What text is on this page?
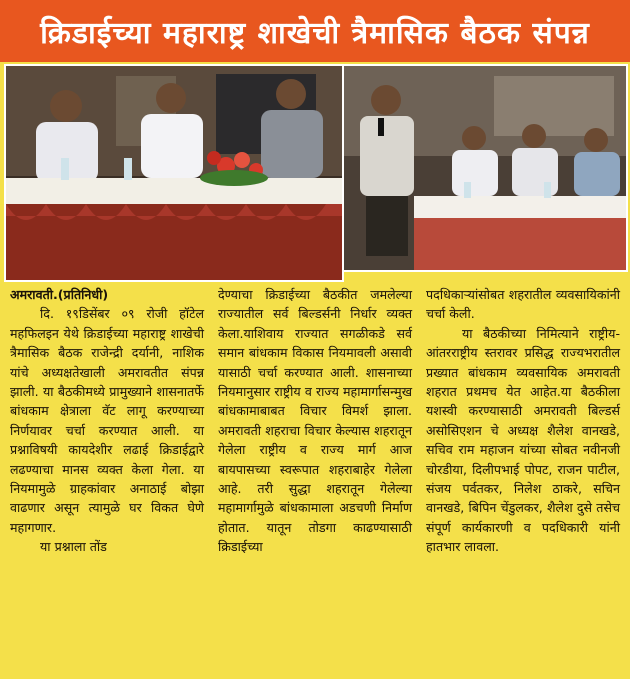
क्रिडाईच्या महाराष्ट्र शाखेची त्रैमासिक बैठक संपन्न

अमरावती.(प्रतिनिधी)

दि. १९डिसेंबर ०९ रोजी हॉटेल महफिलइन येथे क्रिडाईच्या महाराष्ट्र शाखेची त्रैमासिक बैठक राजेन्द्री दर्यानी, नाशिक यांचे अध्यक्षतेखाली अमरावतीत संपन्न झाली. या बैठकीमध्ये प्रामुख्याने शासनातर्फे बांधकाम क्षेत्राला वॅट लागू करण्याच्या निर्णयावर चर्चा करण्यात आली. या प्रश्नाविषयी कायदेशीर लढाई क्रिडाईद्वारे लढण्याचा मानस व्यक्त केला गेला. या नियमामुळे ग्राहकांवार अनाठाई बोझा वाढणार असून त्यामुळे घर विकत घेणे महागणार.

या प्रश्नाला तोंड

देण्याचा क्रिडाईच्या बैठकीत जमलेल्या राज्यातील सर्व बिल्डर्सनी निर्धार व्यक्त केला.याशिवाय राज्यात सगळीकडे सर्व समान बांधकाम विकास नियमावली असावी यासाठी चर्चा करण्यात आली. शासनाच्या नियमानुसार राष्ट्रीय व राज्य महामार्गासन्मुख बांधकामाबाबत विचार विमर्श झाला. अमरावती शहराचा विचार केल्यास शहरातून गेलेला राष्ट्रीय व राज्य मार्ग आज बायपासच्या स्वरूपात शहराबाहेर गेलेला आहे. तरी सुद्धा शहरातून गेलेल्या महामार्गामुळे बांधकामाला अडचणी निर्माण होतात. यातून तोडगा काढण्यासाठी क्रिडाईच्या

पदधिकाऱ्यांसोबत शहरातील व्यवसायिकांनी चर्चा केली.

या बैठकीच्या निमित्याने राष्ट्रीय- आंतरराष्ट्रीय स्तरावर प्रसिद्ध राज्यभरातील प्रख्यात बांधकाम व्यवसायिक अमरावती शहरात प्रथमच येत आहेत.या बैठकीला यशस्वी करण्यासाठी अमरावती बिल्डर्स असोसिएशन चे अध्यक्ष शैलेश वानखडे, सचिव राम महाजन यांच्या सोबत नवीनजी चोरडीया, दिलीपभाई पोपट, राजन पाटील, संजय पर्वतकर, निलेश ठाकरे, सचिन वानखडे, बिपिन चेंडुलकर, शैलेश दुसे तसेच संपूर्ण कार्यकारणी व पदधिकारी यांनी हातभार लावला.
